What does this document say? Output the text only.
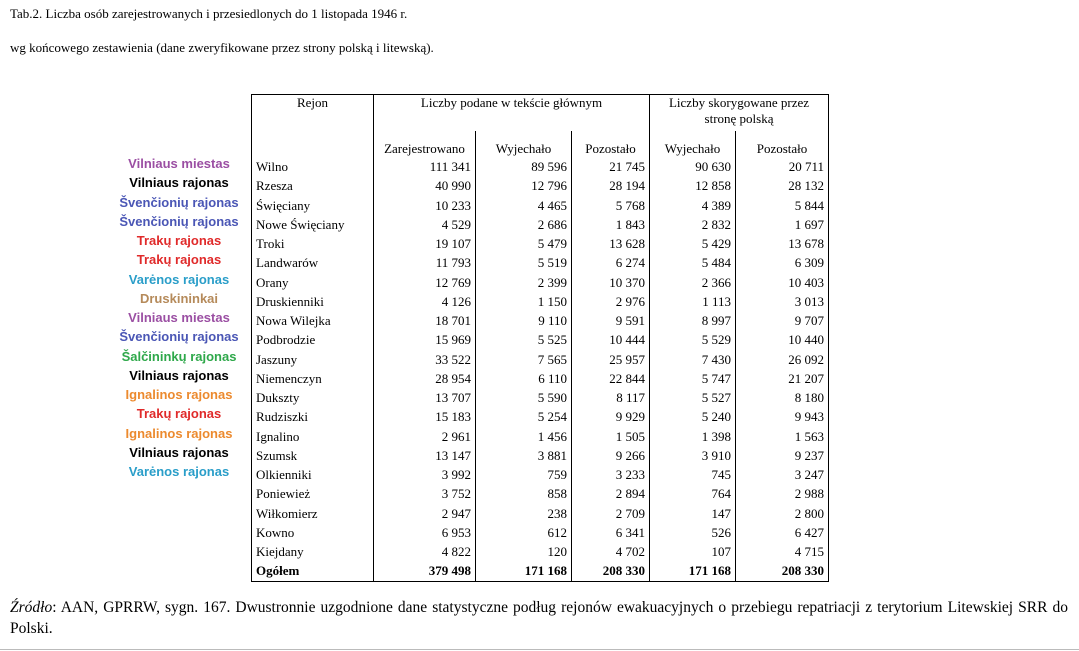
Tab.2. Liczba osób zarejestrowanych i przesiedlonych do 1 listopada 1946 r.
wg końcowego zestawienia (dane zweryfikowane przez strony polską i litewską).
Vilniaus miestas
Vilniaus rajonas
Švenčionių rajonas
Švenčionių rajonas
Trakų rajonas
Trakų rajonas
Varėnos rajonas
Druskininkai
Vilniaus miestas
Švenčionių rajonas
Šalčininkų rajonas
Vilniaus rajonas
Ignalinos rajonas
Trakų rajonas
Ignalinos rajonas
Vilniaus rajonas
Varėnos rajonas
Rejon	Liczby podane w tekście głównym			Liczby skorygowane przez stronę polską	
	Zarejestrowano	Wyjechało	Pozostało	Wyjechało	Pozostało
Wilno	111 341	89 596	21 745	90 630	20 711
Rzesza	40 990	12 796	28 194	12 858	28 132
Święciany	10 233	4 465	5 768	4 389	5 844
Nowe Święciany	4 529	2 686	1 843	2 832	1 697
Troki	19 107	5 479	13 628	5 429	13 678
Landwarów	11 793	5 519	6 274	5 484	6 309
Orany	12 769	2 399	10 370	2 366	10 403
Druskienniki	4 126	1 150	2 976	1 113	3 013
Nowa Wilejka	18 701	9 110	9 591	8 997	9 707
Podbrodzie	15 969	5 525	10 444	5 529	10 440
Jaszuny	33 522	7 565	25 957	7 430	26 092
Niemenczyn	28 954	6 110	22 844	5 747	21 207
Dukszty	13 707	5 590	8 117	5 527	8 180
Rudziszki	15 183	5 254	9 929	5 240	9 943
Ignalino	2 961	1 456	1 505	1 398	1 563
Szumsk	13 147	3 881	9 266	3 910	9 237
Olkienniki	3 992	759	3 233	745	3 247
Poniewież	3 752	858	2 894	764	2 988
Wiłkomierz	2 947	238	2 709	147	2 800
Kowno	6 953	612	6 341	526	6 427
Kiejdany	4 822	120	4 702	107	4 715
Ogółem	379 498	171 168	208 330	171 168	208 330
Źródło: AAN, GPRRW, sygn. 167. Dwustronnie uzgodnione dane statystyczne podług rejonów ewakuacyjnych o przebiegu repatriacji z terytorium Litewskiej SRR do Polski.
